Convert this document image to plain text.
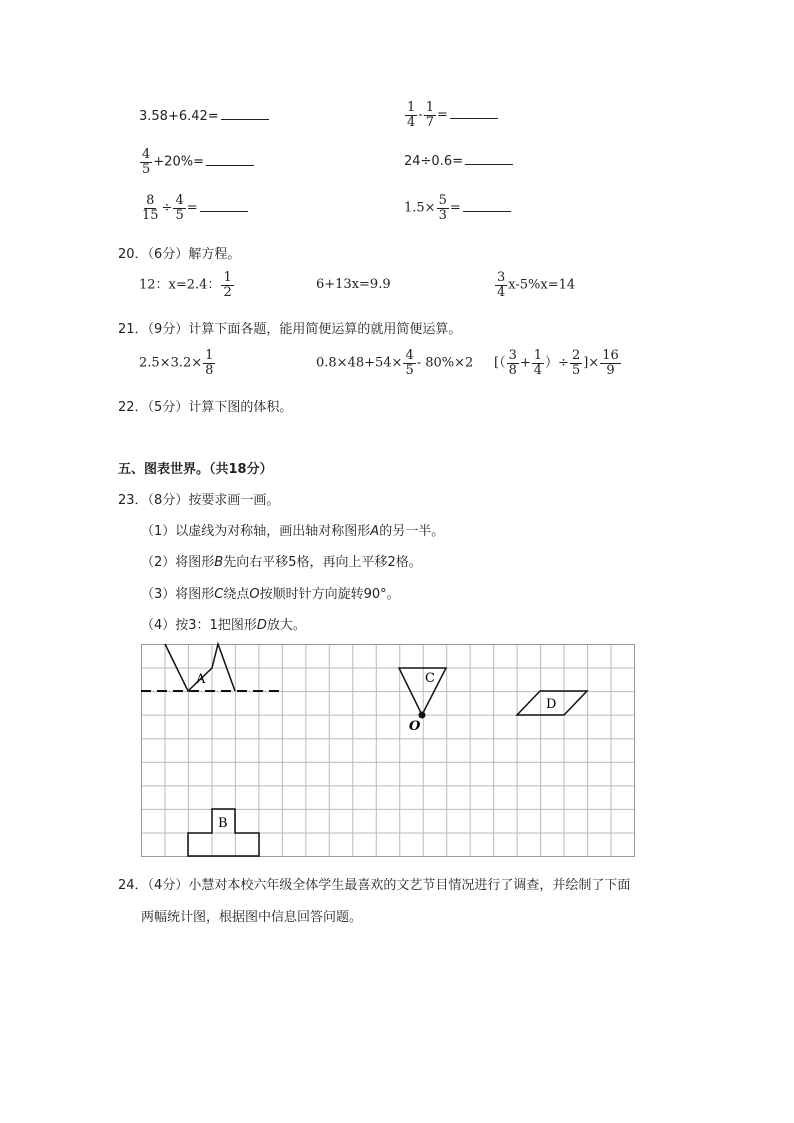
3.58+6.42=	$\frac{1}{4} - \frac{1}{7}$ =
$\frac{4}{5} +20\%=$	24÷0.6=
$\frac{8}{15} \div \frac{4}{5}$ =	$1.5\times \frac{5}{3}$ =
20．（6分）解方程。
12：x=2.4： $\frac{1}{2}$	6+13x=9.9	$\frac{3}{4} x-5\%x=14$
21．（9分）计算下面各题，能用简便运算的就用简便运算。
$2.5\times 3.2\times \frac{1}{8}$	$0.8\times 48+54\times \frac{4}{5} - 80\%\times 2$ [（ $\frac{3}{8} + \frac{1}{4}$ ）÷ $\frac{2}{5}$ ]× $\frac{16}{9}$
22．（5分）计算下图的体积。
五、图表世界。（共18分）
23．（8分）按要求画一画。
（1）以虚线为对称轴，画出轴对称图形A的另一半。
（2）将图形B先向右平移5格，再向上平移2格。
（3）将图形C绕点O按顺时针方向旋转90°。
（4）按3：1把图形D放大。
A	C
O
D
B
24．（4分）小慧对本校六年级全体学生最喜欢的文艺节目情况进行了调查，并绘制了下面
两幅统计图，根据图中信息回答问题。
